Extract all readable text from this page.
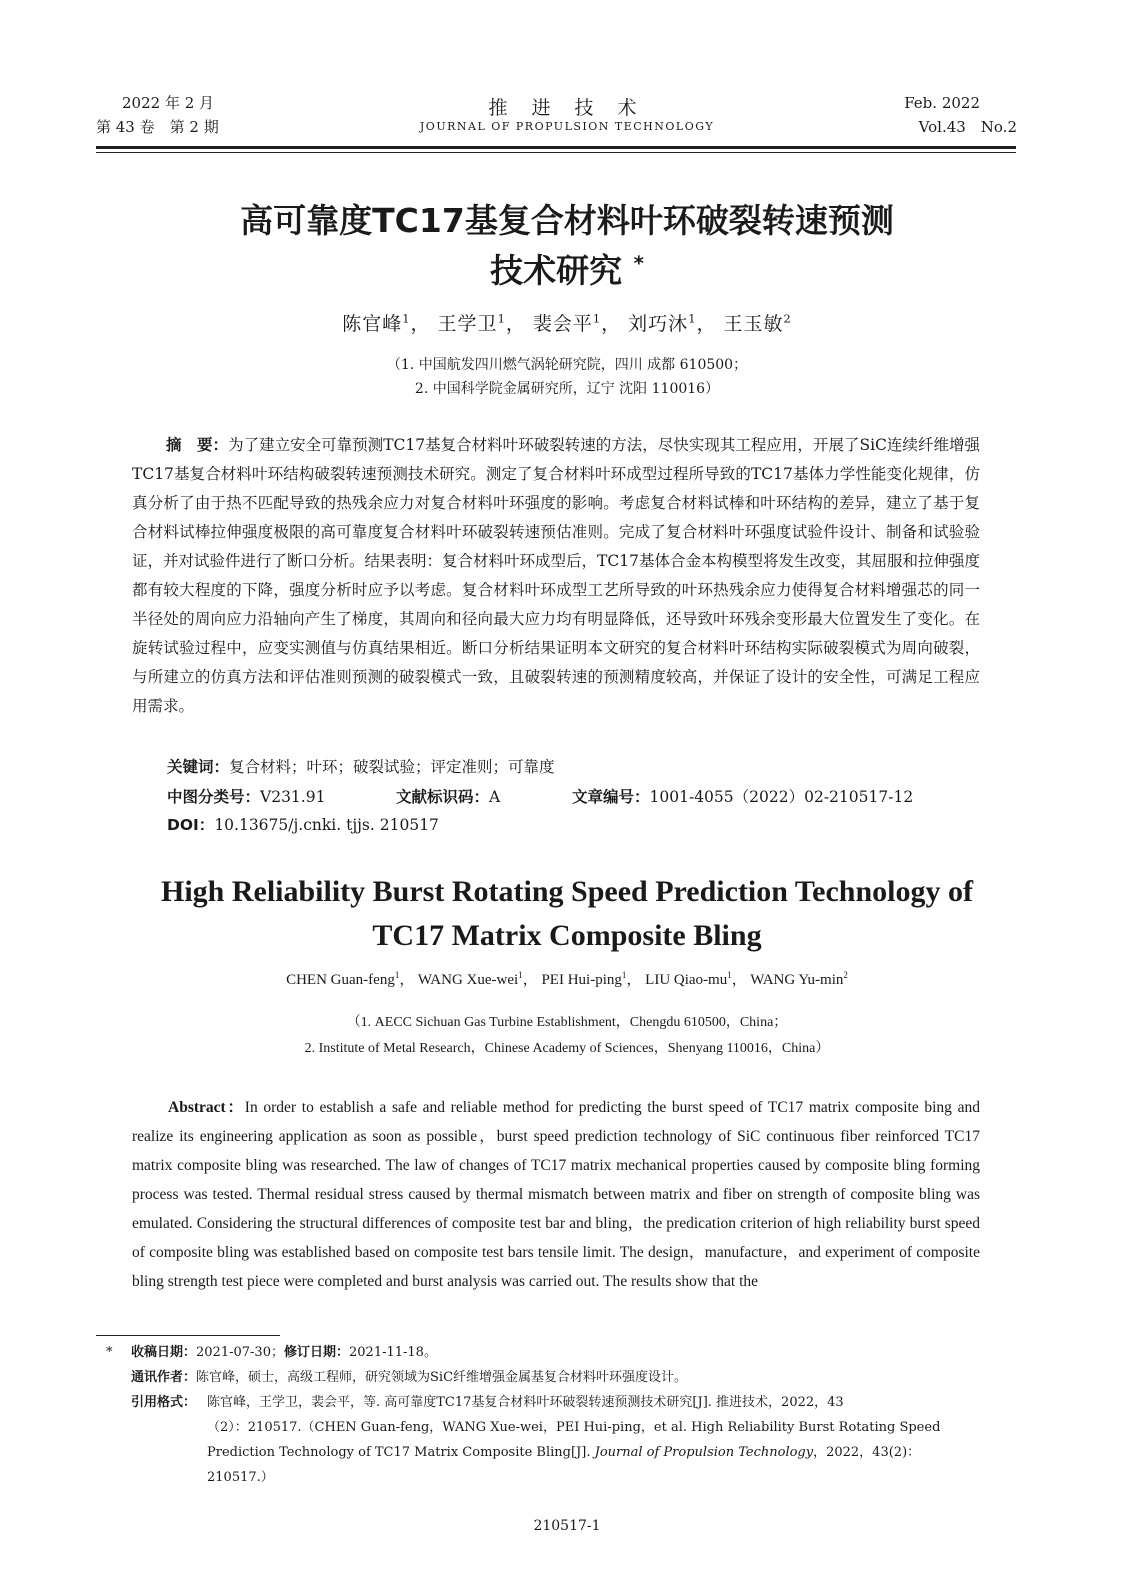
2022 年 2 月
第 43 卷　第 2 期
推 进 技 术
JOURNAL OF PROPULSION TECHNOLOGY
Feb. 2022
Vol.43　No.2
高可靠度TC17基复合材料叶环破裂转速预测
技术研究 *
陈官峰$^1$， 王学卫$^1$， 裴会平$^1$， 刘巧沐$^1$， 王玉敏$^2$
（1. 中国航发四川燃气涡轮研究院，四川 成都 610500；
2. 中国科学院金属研究所，辽宁 沈阳 110016）
摘　要：为了建立安全可靠预测TC17基复合材料叶环破裂转速的方法，尽快实现其工程应用，开展了SiC连续纤维增强TC17基复合材料叶环结构破裂转速预测技术研究。测定了复合材料叶环成型过程所导致的TC17基体力学性能变化规律，仿真分析了由于热不匹配导致的热残余应力对复合材料叶环强度的影响。考虑复合材料试棒和叶环结构的差异，建立了基于复合材料试棒拉伸强度极限的高可靠度复合材料叶环破裂转速预估准则。完成了复合材料叶环强度试验件设计、制备和试验验证，并对试验件进行了断口分析。结果表明：复合材料叶环成型后，TC17基体合金本构模型将发生改变，其屈服和拉伸强度都有较大程度的下降，强度分析时应予以考虑。复合材料叶环成型工艺所导致的叶环热残余应力使得复合材料增强芯的同一半径处的周向应力沿轴向产生了梯度，其周向和径向最大应力均有明显降低，还导致叶环残余变形最大位置发生了变化。在旋转试验过程中，应变实测值与仿真结果相近。断口分析结果证明本文研究的复合材料叶环结构实际破裂模式为周向破裂，与所建立的仿真方法和评估准则预测的破裂模式一致，且破裂转速的预测精度较高，并保证了设计的安全性，可满足工程应用需求。
关键词：复合材料；叶环；破裂试验；评定准则；可靠度
中图分类号：V231.91	文献标识码：A	文章编号：1001-4055（2022）02-210517-12
DOI：10.13675/j.cnki. tjjs. 210517
High Reliability Burst Rotating Speed Prediction Technology of
TC17 Matrix Composite Bling
CHEN Guan-feng$^1$， WANG Xue-wei$^1$， PEI Hui-ping$^1$， LIU Qiao-$mu^1$， WANG $Yu-\min^2$
（1. AECC Sichuan Gas Turbine Establishment，Chengdu 610500，China；
2. Institute of Metal Research，Chinese Academy of Sciences，Shenyang 110016，China）
Abstract：In order to establish a safe and reliable method for predicting the burst speed of TC17 matrix composite bing and realize its engineering application as soon as possible，burst speed prediction technology of SiC continuous fiber reinforced TC17 matrix composite bling was researched. The law of changes of TC17 matrix mechanical properties caused by composite bling forming process was tested. Thermal residual stress caused by thermal mismatch between matrix and fiber on strength of composite bling was emulated. Considering the structural differences of composite test bar and bling，the predication criterion of high reliability burst speed of composite bling was established based on composite test bars tensile limit. The design，manufacture，and experiment of composite bling strength test piece were completed and burst analysis was carried out. The results show that the
* 收稿日期：2021-07-30；修订日期：2021-11-18。
通讯作者：陈官峰，硕士，高级工程师，研究领域为SiC纤维增强金属基复合材料叶环强度设计。
引用格式： 陈官峰，王学卫，裴会平，等. 高可靠度TC17基复合材料叶环破裂转速预测技术研究[J]. 推进技术，2022，43
（2）：210517.（CHEN Guan-feng，WANG Xue-wei，PEI Hui-ping，et al. High Reliability Burst Rotating Speed
Prediction Technology of TC17 Matrix Composite Bling[J]. Journal of Propulsion Technology，2022，43(2)：210517.）
210517-1
